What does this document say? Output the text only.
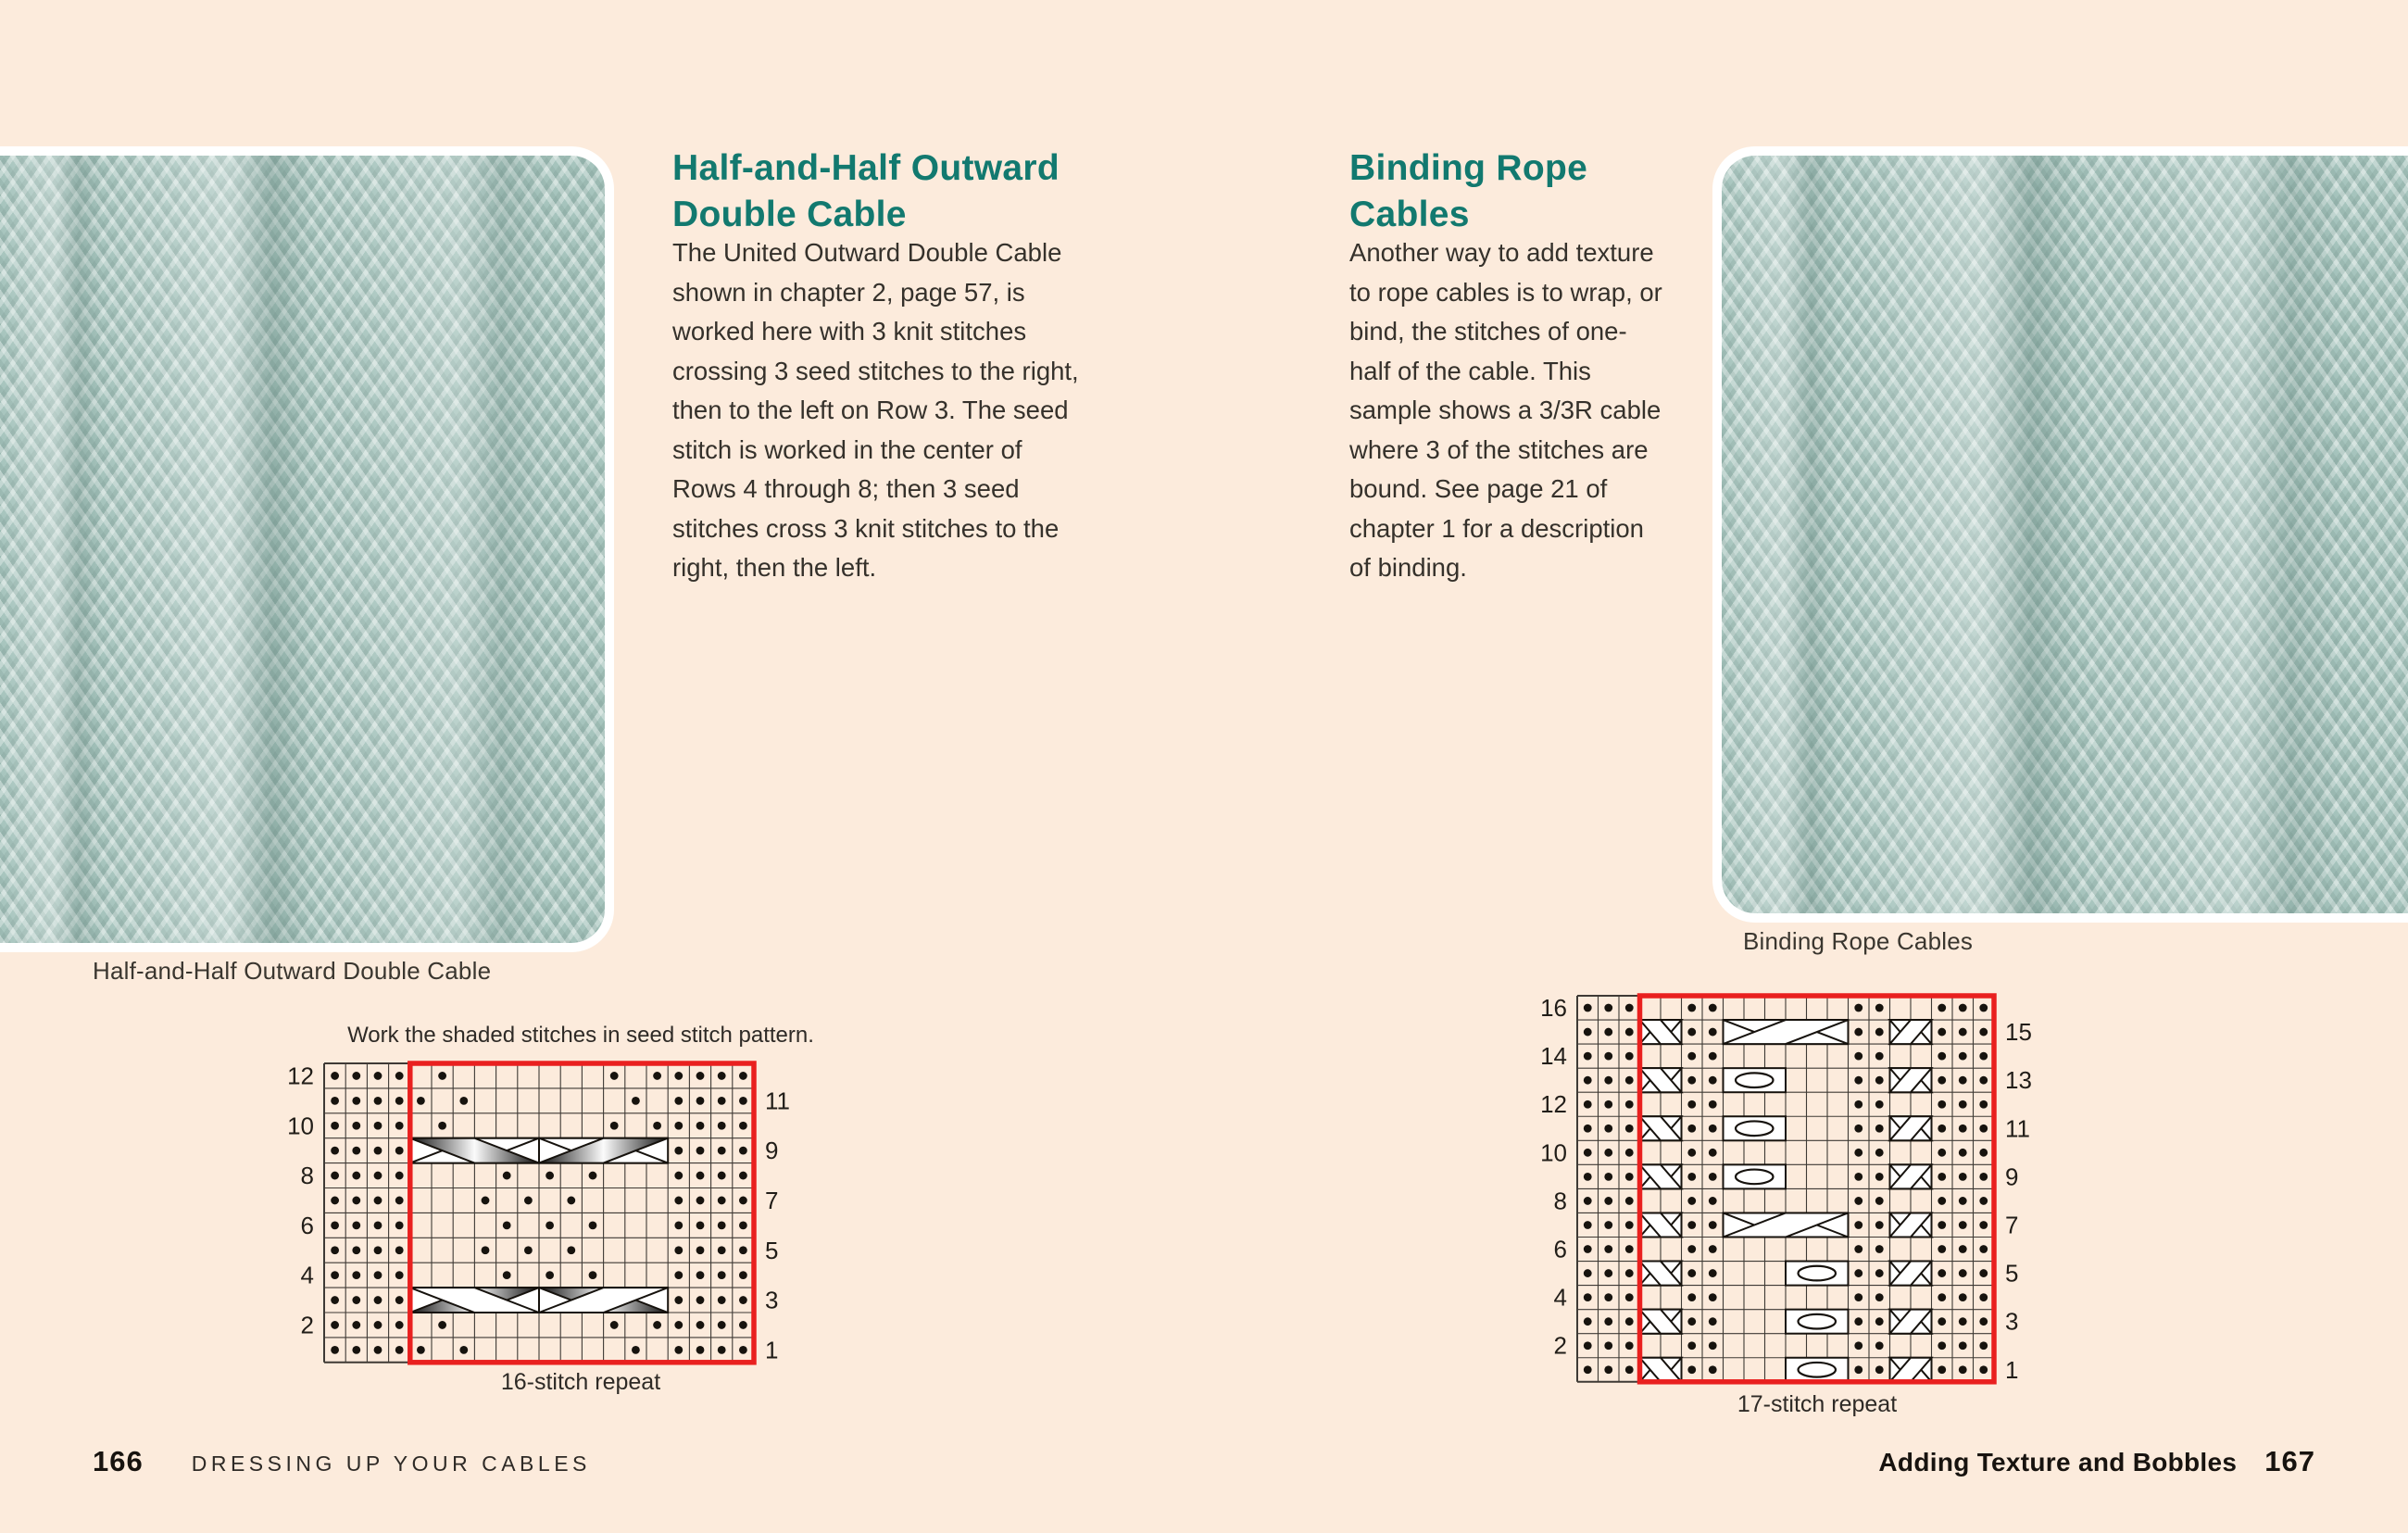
Half-and-Half Outward Double Cable
Half-and-Half Outward
Double Cable

The United Outward Double Cable shown in chapter 2, page 57, is worked here with 3 knit stitches crossing 3 seed stitches to the right, then to the left on Row 3. The seed stitch is worked in the center of Rows 4 through 8; then 3 seed stitches cross 3 knit stitches to the right, then the left.

Work the shaded stitches in seed stitch pattern.
12
10
8
6
4
2
11
9
7
5
3
1
16-stitch repeat
166 DRESSING UP YOUR CABLES
Binding Rope
Cables

Another way to add texture to rope cables is to wrap, or bind, the stitches of one-half of the cable. This sample shows a 3/3R cable where 3 of the stitches are bound. See page 21 of chapter 1 for a description of binding.

Binding Rope Cables
16
14
12
10
8
6
4
2
15
13
11
9
7
5
3
1
17-stitch repeat
Adding Texture and Bobbles 167
